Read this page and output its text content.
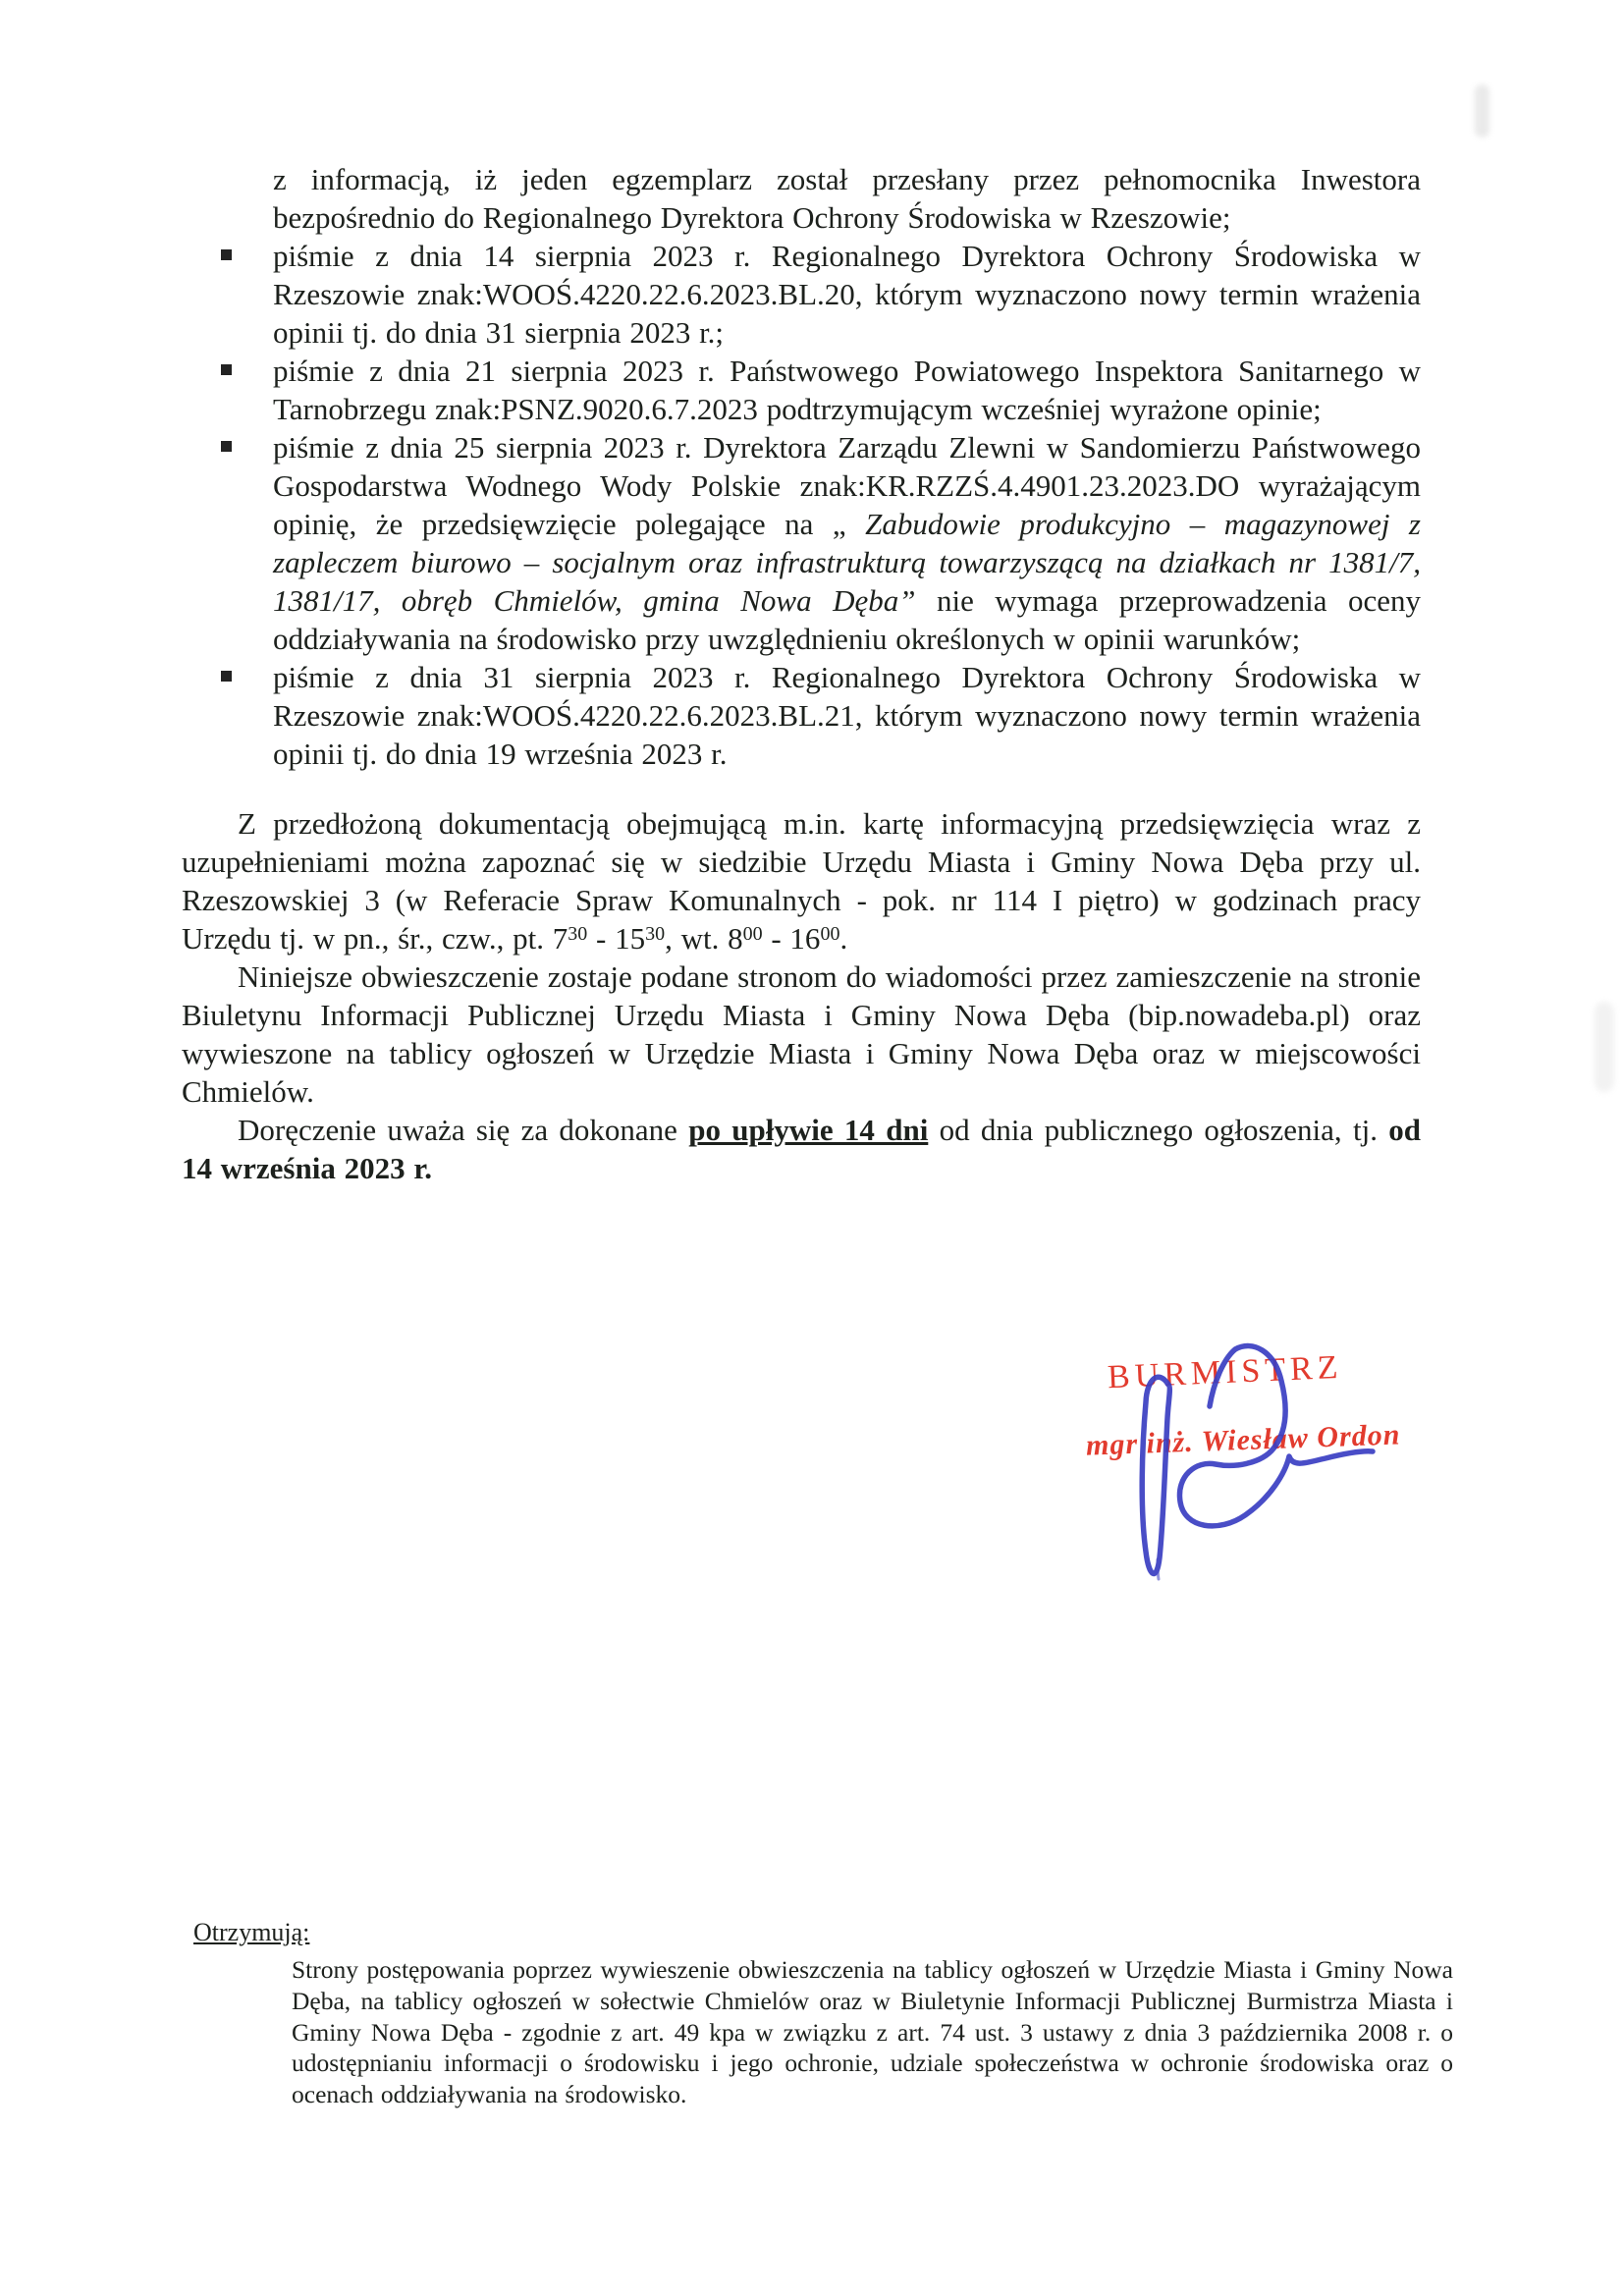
z informacją, iż jeden egzemplarz został przesłany przez pełnomocnika Inwestora bezpośrednio do Regionalnego Dyrektora Ochrony Środowiska w Rzeszowie;
piśmie z dnia 14 sierpnia 2023 r. Regionalnego Dyrektora Ochrony Środowiska w Rzeszowie znak:WOOŚ.4220.22.6.2023.BL.20, którym wyznaczono nowy termin wrażenia opinii tj. do dnia 31 sierpnia 2023 r.;
piśmie z dnia 21 sierpnia 2023 r. Państwowego Powiatowego Inspektora Sanitarnego w Tarnobrzegu znak:PSNZ.9020.6.7.2023 podtrzymującym wcześniej wyrażone opinie;
piśmie z dnia 25 sierpnia 2023 r. Dyrektora Zarządu Zlewni w Sandomierzu Państwowego Gospodarstwa Wodnego Wody Polskie znak:KR.RZZŚ.4.4901.23.2023.DO wyrażającym opinię, że przedsięwzięcie polegające na „ Zabudowie produkcyjno – magazynowej z zapleczem biurowo – socjalnym oraz infrastrukturą towarzyszącą na działkach nr 1381/7, 1381/17, obręb Chmielów, gmina Nowa Dęba” nie wymaga przeprowadzenia oceny oddziaływania na środowisko przy uwzględnieniu określonych w opinii warunków;
piśmie z dnia 31 sierpnia 2023 r. Regionalnego Dyrektora Ochrony Środowiska w Rzeszowie znak:WOOŚ.4220.22.6.2023.BL.21, którym wyznaczono nowy termin wrażenia opinii tj. do dnia 19 września 2023 r.

Z przedłożoną dokumentacją obejmującą m.in. kartę informacyjną przedsięwzięcia wraz z uzupełnieniami można zapoznać się w siedzibie Urzędu Miasta i Gminy Nowa Dęba przy ul. Rzeszowskiej 3 (w Referacie Spraw Komunalnych - pok. nr 114 I piętro) w godzinach pracy Urzędu tj. w pn., śr., czw., pt. $7^{30} - 15^{30}$, wt. $8^{00} - 16^{00}$.

Niniejsze obwieszczenie zostaje podane stronom do wiadomości przez zamieszczenie na stronie Biuletynu Informacji Publicznej Urzędu Miasta i Gminy Nowa Dęba (bip.nowadeba.pl) oraz wywieszone na tablicy ogłoszeń w Urzędzie Miasta i Gminy Nowa Dęba oraz w miejscowości Chmielów.

Doręczenie uważa się za dokonane po upływie 14 dni od dnia publicznego ogłoszenia, tj. od 14 września 2023 r.

BURMISTRZ
mgr inż. Wiesław Ordon
Otrzymują:
Strony postępowania poprzez wywieszenie obwieszczenia na tablicy ogłoszeń w Urzędzie Miasta i Gminy Nowa Dęba, na tablicy ogłoszeń w sołectwie Chmielów oraz w Biuletynie Informacji Publicznej Burmistrza Miasta i Gminy Nowa Dęba - zgodnie z art. 49 kpa w związku z art. 74 ust. 3 ustawy z dnia 3 października 2008 r. o udostępnianiu informacji o środowisku i jego ochronie, udziale społeczeństwa w ochronie środowiska oraz o ocenach oddziaływania na środowisko.
